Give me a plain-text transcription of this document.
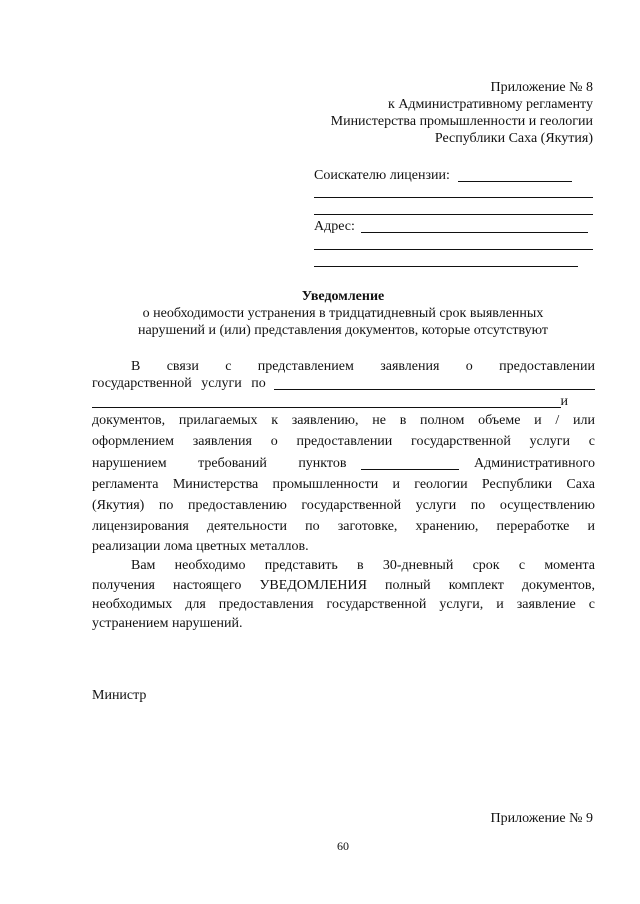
Приложение № 8
к Административному регламенту
Министерства промышленности и геологии
Республики Саха (Якутия)
Соискателю лицензии:
Адрес:
Уведомление
о необходимости устранения в тридцатидневный срок выявленных
нарушений и (или) представления документов, которые отсутствуют
В связи с представлением заявления о предоставлении
государственной услуги по
и
документов, прилагаемых к заявлению, не в полном объеме и / или
оформлением заявления о предоставлении государственной услуги с
нарушением требований пунктов	Административного
регламента Министерства промышленности и геологии Республики Саха
(Якутия) по предоставлению государственной услуги по осуществлению
лицензирования деятельности по заготовке, хранению, переработке и
реализации лома цветных металлов.
Вам необходимо представить в 30-дневный срок с момента
получения настоящего УВЕДОМЛЕНИЯ полный комплект документов,
необходимых для предоставления государственной услуги, и заявление с
устранением нарушений.
Министр
Приложение № 9
60
